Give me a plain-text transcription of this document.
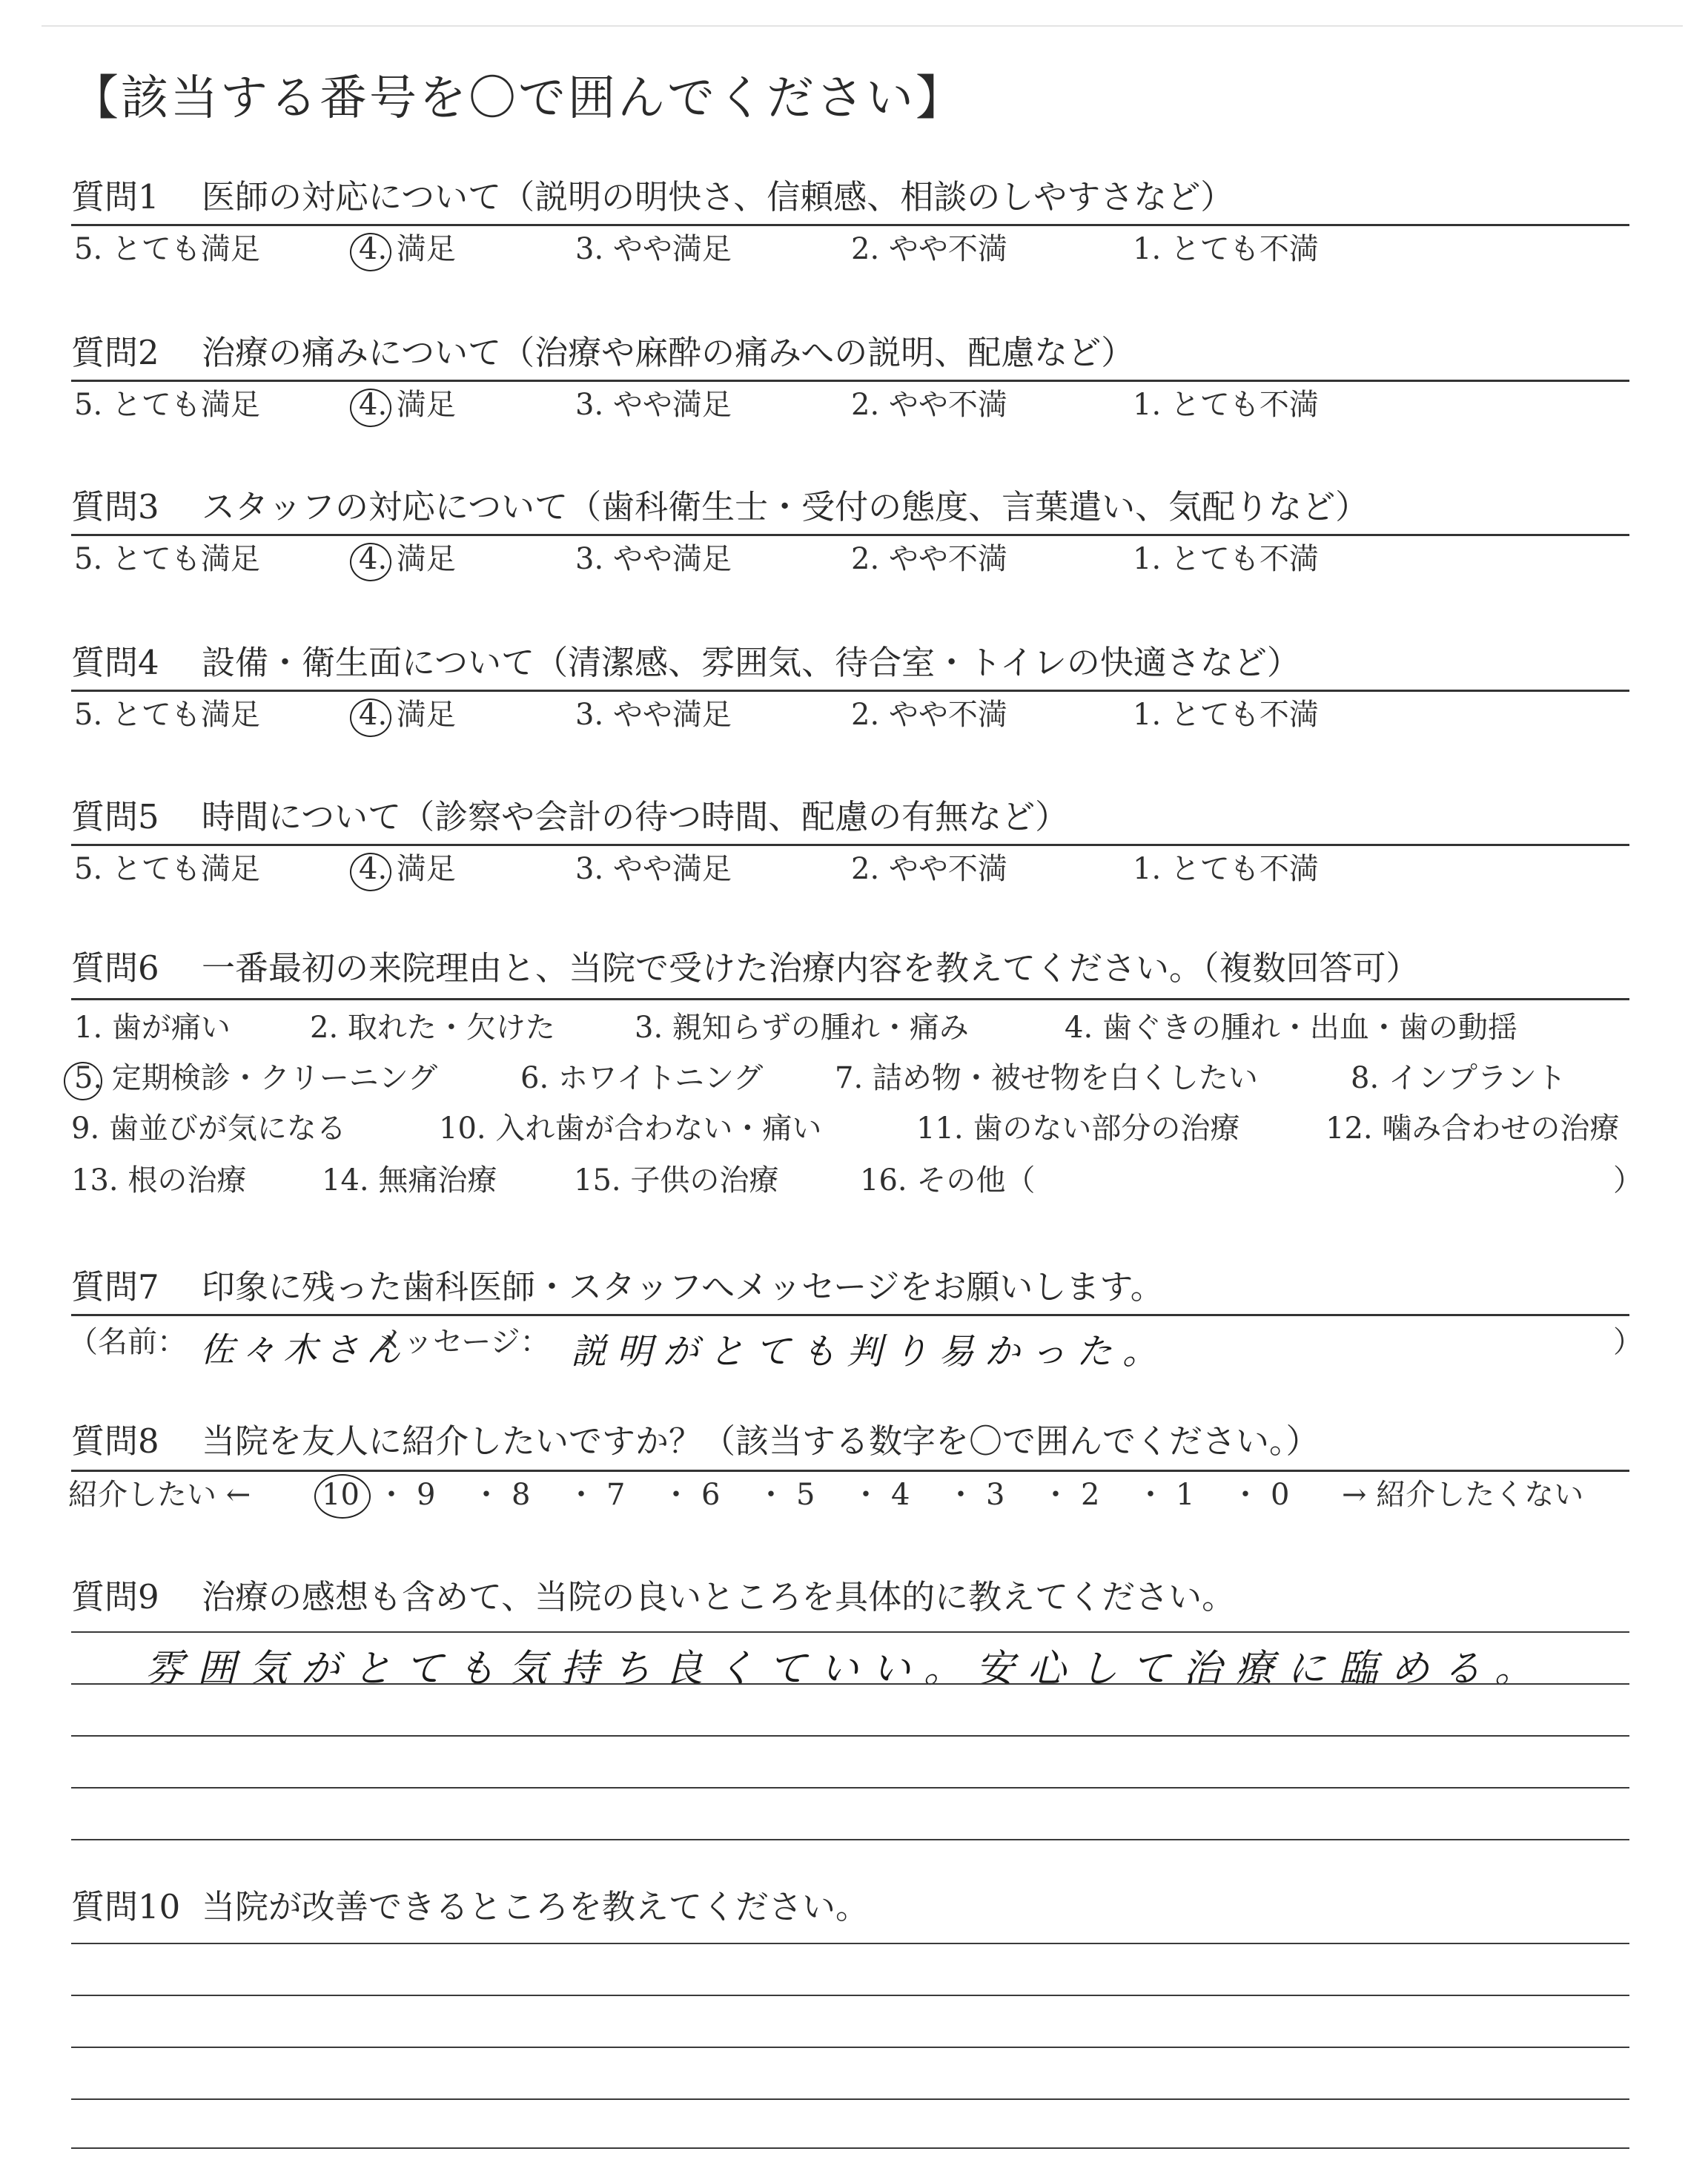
【該当する番号を〇で囲んでください】
質問1 医師の対応について（説明の明快さ、信頼感、相談のしやすさなど）
5. とても満足	4. 満足	3. やや満足	2. やや不満	1. とても不満
質問2 治療の痛みについて（治療や麻酔の痛みへの説明、配慮など）
5. とても満足	4. 満足	3. やや満足	2. やや不満	1. とても不満
質問3 スタッフの対応について（歯科衛生士・受付の態度、言葉遣い、気配りなど）
5. とても満足	4. 満足	3. やや満足	2. やや不満	1. とても不満
質問4 設備・衛生面について（清潔感、雰囲気、待合室・トイレの快適さなど）
5. とても満足	4. 満足	3. やや満足	2. やや不満	1. とても不満
質問5 時間について（診察や会計の待つ時間、配慮の有無など）
5. とても満足	4. 満足	3. やや満足	2. やや不満	1. とても不満
質問6 一番最初の来院理由と、当院で受けた治療内容を教えてください。（複数回答可）
1. 歯が痛い	2. 取れた・欠けた	3. 親知らずの腫れ・痛み	4. 歯ぐきの腫れ・出血・歯の動揺
5. 定期検診・クリーニング	6. ホワイトニング 7. 詰め物・被せ物を白くしたい	8. インプラント
9. 歯並びが気になる	10. 入れ歯が合わない・痛い	11. 歯のない部分の治療	12. 噛み合わせの治療
13. 根の治療	14. 無痛治療	15. 子供の治療	16. その他（	）
質問7 印象に残った歯科医師・スタッフへメッセージをお願いします。
（名前： 佐々木さん
メッセージ： 説明がとても判り易かった。	）
質問8 当院を友人に紹介したいですか？（該当する数字を〇で囲んでください。）
紹介したい ← 10 ・ 9 ・ 8 ・ 7 ・ 6 ・ 5 ・ 4 ・ 3 ・ 2 ・ 1 ・ 0 → 紹介したくない
質問9 治療の感想も含めて、当院の良いところを具体的に教えてください。
雰囲気がとても気持ち良くていい。安心して治療に臨める。
質問10 当院が改善できるところを教えてください。
